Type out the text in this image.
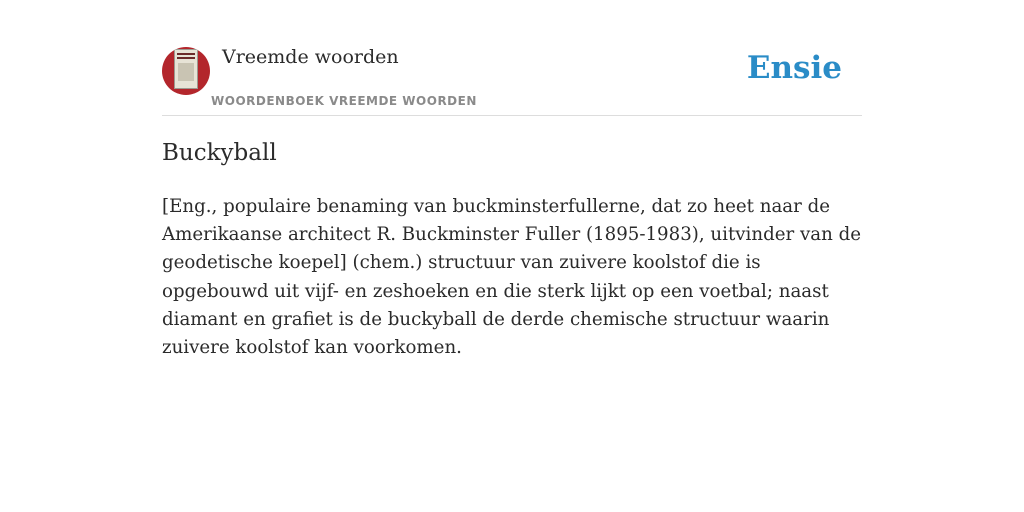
Vreemde woorden
WOORDENBOEK VREEMDE WOORDEN
Ensie
Buckyball

[Eng., populaire benaming van buckminsterfullerne, dat zo heet naar de Amerikaanse architect R. Buckminster Fuller (1895-1983), uitvinder van de geodetische koepel] (chem.) structuur van zuivere koolstof die is opgebouwd uit vijf- en zeshoeken en die sterk lijkt op een voetbal; naast diamant en grafiet is de buckyball de derde chemische structuur waarin zuivere koolstof kan voorkomen.
